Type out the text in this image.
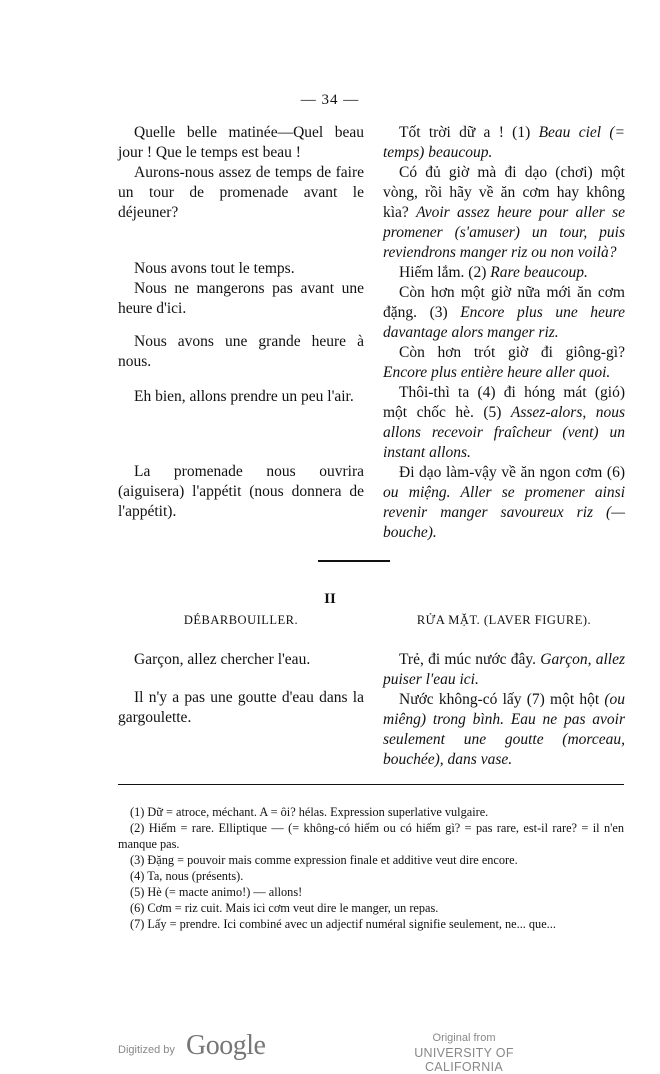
— 34 —

Quelle belle matinée—Quel beau jour ! Que le temps est beau !

Aurons-nous assez de temps de faire un tour de promenade avant le déjeuner?

Nous avons tout le temps.

Nous ne mangerons pas avant une heure d'ici.

Nous avons une grande heure à nous.

Eh bien, allons prendre un peu l'air.

La promenade nous ouvrira (aiguisera) l'appétit (nous donnera de l'appétit).

Tốt trời dữ a ! (1) Beau ciel (= temps) beaucoup.

Có đủ giờ mà đi dạo (chơi) một vòng, rồi hãy về ăn cơm hay không kìa? Avoir assez heure pour aller se promener (s'amuser) un tour, puis reviendrons manger riz ou non voilà?

Hiếm lắm. (2) Rare beaucoup.

Còn hơn một giờ nữa mới ăn cơm đặng. (3) Encore plus une heure davantage alors manger riz.

Còn hơn trót giờ đi giông-gì? Encore plus entière heure aller quoi.

Thôi-thì ta (4) đi hóng mát (gió) một chốc hè. (5) Assez-alors, nous allons recevoir fraîcheur (vent) un instant allons.

Đi dạo làm-vậy về ăn ngon cơm (6) ou miệng. Aller se promener ainsi revenir manger savoureux riz (— bouche).

II
DÉBARBOUILLER.	RỬA MẶT. (LAVER FIGURE).

Garçon, allez chercher l'eau.

Il n'y a pas une goutte d'eau dans la gargoulette.

Trẻ, đi múc nước đây. Garçon, allez puiser l'eau ici.

Nước không-có lấy (7) một hột (ou miêng) trong bình. Eau ne pas avoir seulement une goutte (morceau, bouchée), dans vase.

(1) Dữ = atroce, méchant. A = ôi? hélas. Expression superlative vulgaire.

(2) Hiếm = rare. Elliptique — (= không-có hiếm ou có hiếm gì? = pas rare, est-il rare? = il n'en manque pas.

(3) Đặng = pouvoir mais comme expression finale et additive veut dire encore.

(4) Ta, nous (présents).

(5) Hè (= macte animo!) — allons!

(6) Cơm = riz cuit. Mais ici cơm veut dire le manger, un repas.

(7) Lấy = prendre. Ici combiné avec un adjectif numéral signifie seulement, ne... que...

Digitized by Google	Original from
UNIVERSITY OF CALIFORNIA
